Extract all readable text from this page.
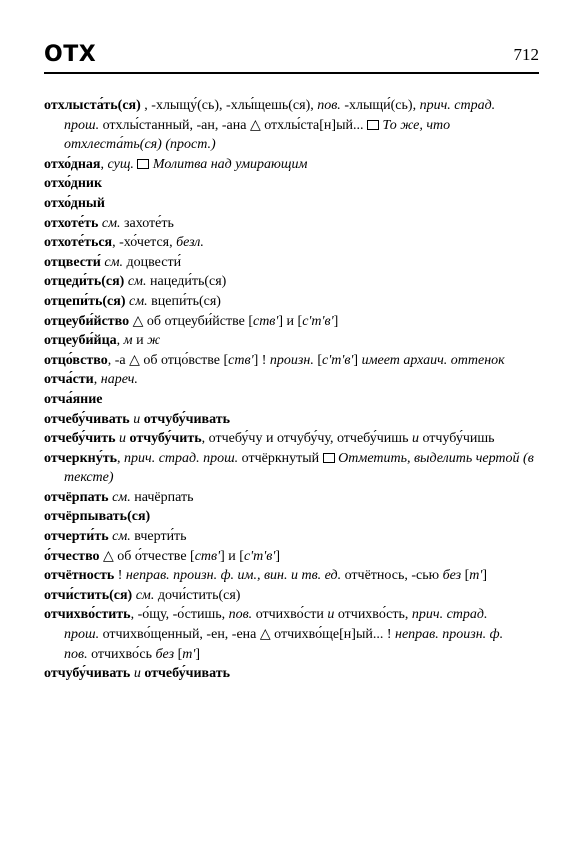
ОТХ	712
отхлыста́ть(ся) , -хлыщу́(сь), -хлы́щешь(ся), пов. -хлыщи́(сь), прич. страд. прош. отхлы́станный, -ан, -ана △ отхлы́ста[н]ый...  То же, что отхлеста́ть(ся) (прост.)
отхо́дная, сущ.  Молитва над умирающим
отхо́дник
отхо́дный
отхоте́ть см. захоте́ть
отхоте́ться, -хо́чется, безл.
отцвести́ см. доцвести́
отцеди́ть(ся) см. нацеди́ть(ся)
отцепи́ть(ся) см. вцепи́ть(ся)
отцеуби́йство △ об отцеуби́йстве [ств'] и [с'т'в']
отцеуби́йца, м и ж
отцо́вство, -а △ об отцо́встве [ств'] ! произн. [с'т'в'] имеет архаич. оттенок
отча́сти, нареч.
отча́яние
отчебу́чивать и отчубу́чивать
отчебу́чить и отчубу́чить, отчебу́чу и отчубу́чу, отчебу́чишь и отчубу́чишь
отчеркну́ть, прич. страд. прош. отчёркнутый  Отметить, выделить чертой (в тексте)
отчёрпать см. начёрпать
отчёрпывать(ся)
отчерти́ть см. вчерти́ть
о́тчество △ об о́тчестве [ств'] и [с'т'в']
отчётность ! неправ. произн. ф. им., вин. и тв. ед. отчётнось, -сью без [т']
отчи́стить(ся) см. дочи́стить(ся)
отчихво́стить, -о́щу, -о́стишь, пов. отчихво́сти и отчихво́сть, прич. страд. прош. отчихво́щенный, -ен, -ена △ отчихво́ще[н]ый... ! неправ. произн. ф. пов. отчихво́сь без [т']
отчубу́чивать и отчебу́чивать
